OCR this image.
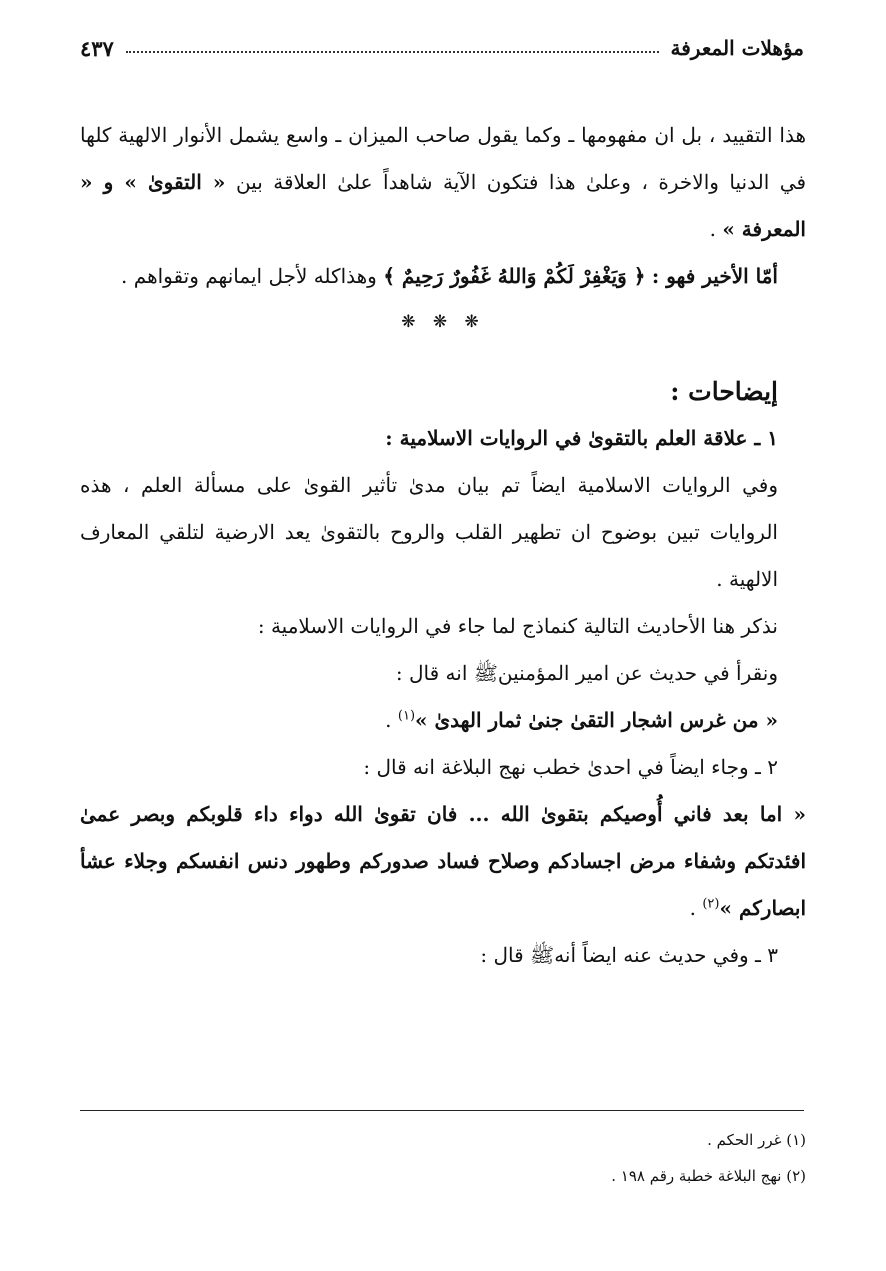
مؤهلات المعرفة
٤٣٧

هذا التقييد ، بل ان مفهومها ـ وكما يقول صاحب الميزان ـ واسع يشمل الأنوار الالهية كلها في الدنيا والاخرة ، وعلىٰ هذا فتكون الآية شاهداً علىٰ العلاقة بين « التقوىٰ » و « المعرفة » .

أمّا الأخير فهو : ﴿ وَيَغْفِرْ لَكُمْ وَاللهُ غَفُورٌ رَحِيمٌ ﴾ وهذاكله لأجل ايمانهم وتقواهم .

❋ ❋ ❋

إيضاحات :

١ ـ علاقة العلم بالتقوىٰ في الروايات الاسلامية :

وفي الروايات الاسلامية ايضاً تم بيان مدىٰ تأثير القوىٰ على مسألة العلم ، هذه الروايات تبين بوضوح ان تطهير القلب والروح بالتقوىٰ يعد الارضية لتلقي المعارف الالهية .

نذكر هنا الأحاديث التالية كنماذج لما جاء في الروايات الاسلامية :

ونقرأ في حديث عن امير المؤمنينﷺ انه قال :

« من غرس اشجار التقىٰ جنىٰ ثمار الهدىٰ »$^{(١)}$ .

٢ ـ وجاء ايضاً في احدىٰ خطب نهج البلاغة انه قال :

« اما بعد فاني أُوصيكم بتقوىٰ الله ... فان تقوىٰ الله دواء داء قلوبكم وبصر عمىٰ افئدتكم وشفاء مرض اجسادكم وصلاح فساد صدوركم وطهور دنس انفسكم وجلاء عشأ ابصاركم »$^{(٢)}$ .

٣ ـ وفي حديث عنه ايضاً أنهﷺ قال :

(١) غرر الحكم .

(٢) نهج البلاغة خطبة رقم ١٩٨ .
